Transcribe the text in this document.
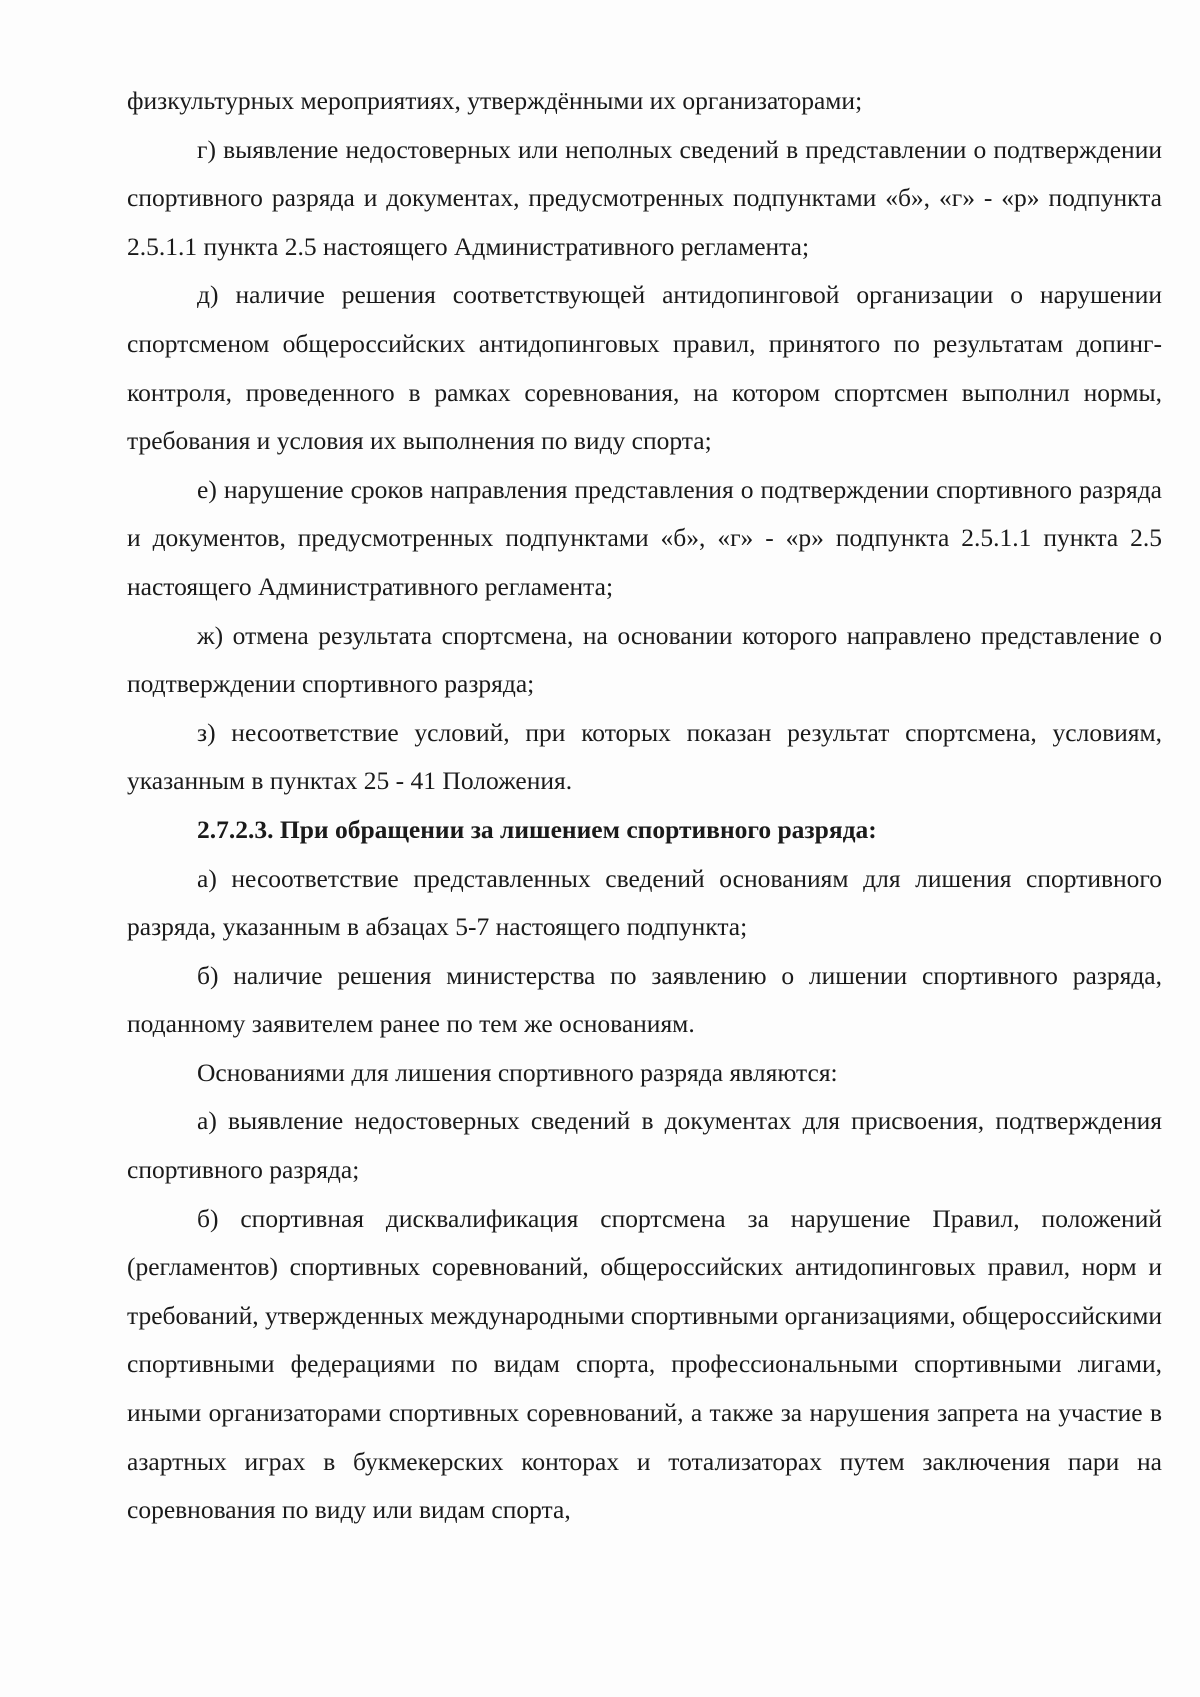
физкультурных мероприятиях, утверждёнными их организаторами;

г) выявление недостоверных или неполных сведений в представлении о подтверждении спортивного разряда и документах, предусмотренных подпунктами «б», «г» - «р» подпункта 2.5.1.1 пункта 2.5 настоящего Административного регламента;

д) наличие решения соответствующей антидопинговой организации о нарушении спортсменом общероссийских антидопинговых правил, принятого по результатам допинг-контроля, проведенного в рамках соревнования, на котором спортсмен выполнил нормы, требования и условия их выполнения по виду спорта;

е) нарушение сроков направления представления о подтверждении спортивного разряда и документов, предусмотренных подпунктами «б», «г» - «р» подпункта 2.5.1.1 пункта 2.5 настоящего Административного регламента;

ж) отмена результата спортсмена, на основании которого направлено представление о подтверждении спортивного разряда;

з) несоответствие условий, при которых показан результат спортсмена, условиям, указанным в пунктах 25 - 41 Положения.

2.7.2.3. При обращении за лишением спортивного разряда:

а) несоответствие представленных сведений основаниям для лишения спортивного разряда, указанным в абзацах 5-7 настоящего подпункта;

б) наличие решения министерства по заявлению о лишении спортивного разряда, поданному заявителем ранее по тем же основаниям.

Основаниями для лишения спортивного разряда являются:

а) выявление недостоверных сведений в документах для присвоения, подтверждения спортивного разряда;

б) спортивная дисквалификация спортсмена за нарушение Правил, положений (регламентов) спортивных соревнований, общероссийских антидопинговых правил, норм и требований, утвержденных международными спортивными организациями, общероссийскими спортивными федерациями по видам спорта, профессиональными спортивными лигами, иными организаторами спортивных соревнований, а также за нарушения запрета на участие в азартных играх в букмекерских конторах и тотализаторах путем заключения пари на соревнования по виду или видам спорта,
